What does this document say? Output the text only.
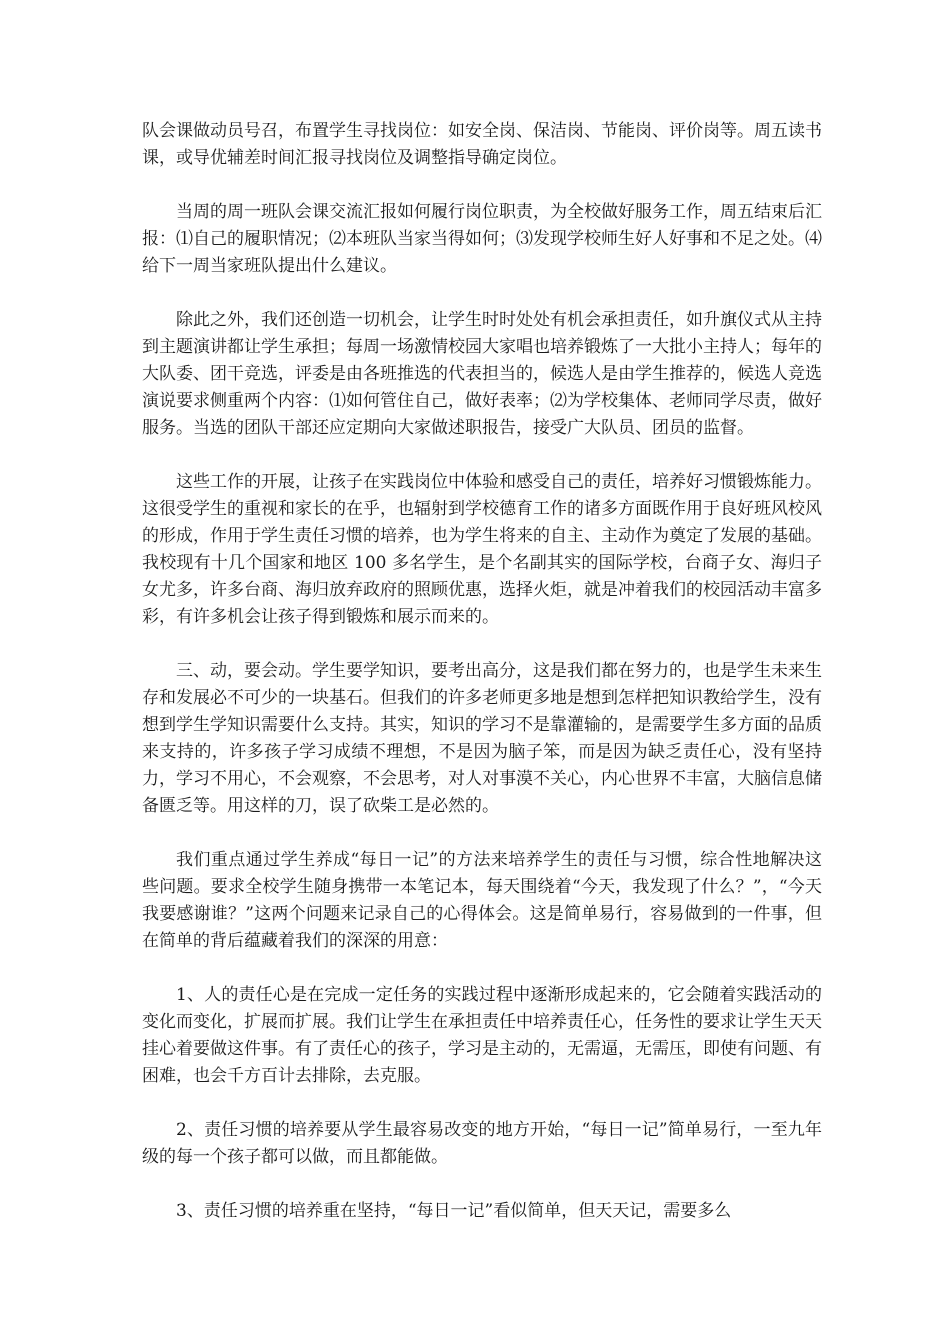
队会课做动员号召，布置学生寻找岗位：如安全岗、保洁岗、节能岗、评价岗等。周五读书课，或导优辅差时间汇报寻找岗位及调整指导确定岗位。

当周的周一班队会课交流汇报如何履行岗位职责，为全校做好服务工作，周五结束后汇报：⑴自己的履职情况；⑵本班队当家当得如何；⑶发现学校师生好人好事和不足之处。⑷给下一周当家班队提出什么建议。

除此之外，我们还创造一切机会，让学生时时处处有机会承担责任，如升旗仪式从主持到主题演讲都让学生承担；每周一场激情校园大家唱也培养锻炼了一大批小主持人；每年的大队委、团干竞选，评委是由各班推选的代表担当的，候选人是由学生推荐的，候选人竞选演说要求侧重两个内容：⑴如何管住自己，做好表率；⑵为学校集体、老师同学尽责，做好服务。当选的团队干部还应定期向大家做述职报告，接受广大队员、团员的监督。

这些工作的开展，让孩子在实践岗位中体验和感受自己的责任，培养好习惯锻炼能力。这很受学生的重视和家长的在乎，也辐射到学校德育工作的诸多方面既作用于良好班风校风的形成，作用于学生责任习惯的培养，也为学生将来的自主、主动作为奠定了发展的基础。我校现有十几个国家和地区 100 多名学生，是个名副其实的国际学校，台商子女、海归子女尤多，许多台商、海归放弃政府的照顾优惠，选择火炬，就是冲着我们的校园活动丰富多彩，有许多机会让孩子得到锻炼和展示而来的。

三、动，要会动。学生要学知识，要考出高分，这是我们都在努力的，也是学生未来生存和发展必不可少的一块基石。但我们的许多老师更多地是想到怎样把知识教给学生，没有想到学生学知识需要什么支持。其实，知识的学习不是靠灌输的，是需要学生多方面的品质来支持的，许多孩子学习成绩不理想，不是因为脑子笨，而是因为缺乏责任心，没有坚持力，学习不用心，不会观察，不会思考，对人对事漠不关心，内心世界不丰富，大脑信息储备匮乏等。用这样的刀，误了砍柴工是必然的。

我们重点通过学生养成“每日一记”的方法来培养学生的责任与习惯，综合性地解决这些问题。要求全校学生随身携带一本笔记本，每天围绕着“今天，我发现了什么？”，“今天我要感谢谁？”这两个问题来记录自己的心得体会。这是简单易行，容易做到的一件事，但在简单的背后蕴藏着我们的深深的用意：

1、人的责任心是在完成一定任务的实践过程中逐渐形成起来的，它会随着实践活动的变化而变化，扩展而扩展。我们让学生在承担责任中培养责任心，任务性的要求让学生天天挂心着要做这件事。有了责任心的孩子，学习是主动的，无需逼，无需压，即使有问题、有困难，也会千方百计去排除，去克服。

2、责任习惯的培养要从学生最容易改变的地方开始，“每日一记”简单易行，一至九年级的每一个孩子都可以做，而且都能做。

3、责任习惯的培养重在坚持，“每日一记”看似简单，但天天记，需要多么
